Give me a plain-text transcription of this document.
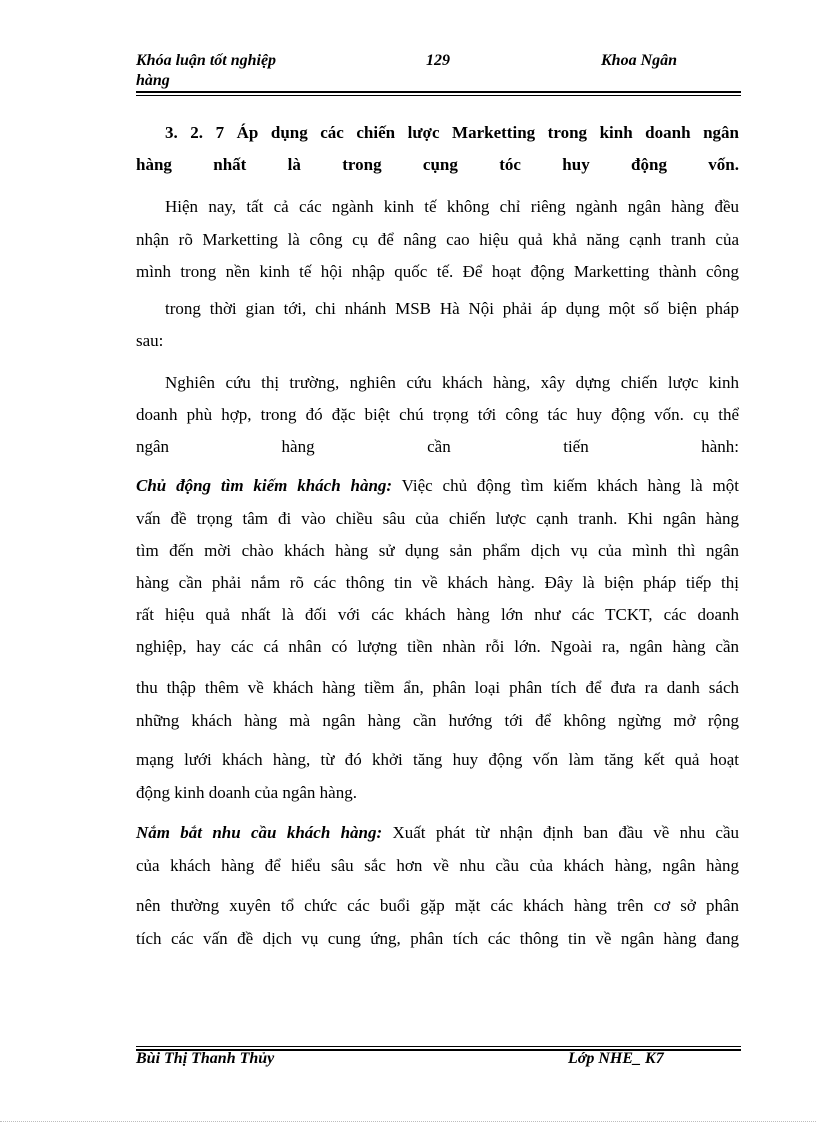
Khóa luận tốt nghiệp
hàng
129	Khoa Ngân
3. 2. 7 Áp dụng các chiến lược Marketting trong kinh doanh ngân
hàng nhất là trong cụng tóc huy động vốn.
Hiện nay, tất cả các ngành kinh tế không chỉ riêng ngành ngân hàng đều
nhận rõ Marketting là công cụ để nâng cao hiệu quả khả năng cạnh tranh của
mình trong nền kinh tế hội nhập quốc tế. Để hoạt động Marketting thành công
trong thời gian tới, chi nhánh MSB Hà Nội phải áp dụng một số biện pháp
sau:
Nghiên cứu thị trường, nghiên cứu khách hàng, xây dựng chiến lược kinh
doanh phù hợp, trong đó đặc biệt chú trọng tới công tác huy động vốn. cụ thể
ngân hàng cần tiến hành:
Chủ động tìm kiếm khách hàng: Việc chủ động tìm kiếm khách hàng là một
vấn đề trọng tâm đi vào chiều sâu của chiến lược cạnh tranh. Khi ngân hàng
tìm đến mời chào khách hàng sử dụng sản phẩm dịch vụ của mình thì ngân
hàng cần phải nắm rõ các thông tin về khách hàng. Đây là biện pháp tiếp thị
rất hiệu quả nhất là đối với các khách hàng lớn như các TCKT, các doanh
nghiệp, hay các cá nhân có lượng tiền nhàn rỗi lớn. Ngoài ra, ngân hàng cần
thu thập thêm về khách hàng tiềm ẩn, phân loại phân tích để đưa ra danh sách
những khách hàng mà ngân hàng cần hướng tới để không ngừng mở rộng
mạng lưới khách hàng, từ đó khởi tăng huy động vốn làm tăng kết quả hoạt
động kinh doanh của ngân hàng.
Nắm bắt nhu cầu khách hàng: Xuất phát từ nhận định ban đầu về nhu cầu
của khách hàng để hiểu sâu sắc hơn về nhu cầu của khách hàng, ngân hàng
nên thường xuyên tổ chức các buổi gặp mặt các khách hàng trên cơ sở phân
tích các vấn đề dịch vụ cung ứng, phân tích các thông tin về ngân hàng đang
Bùi Thị Thanh Thủy	Lớp NHE_ K7
